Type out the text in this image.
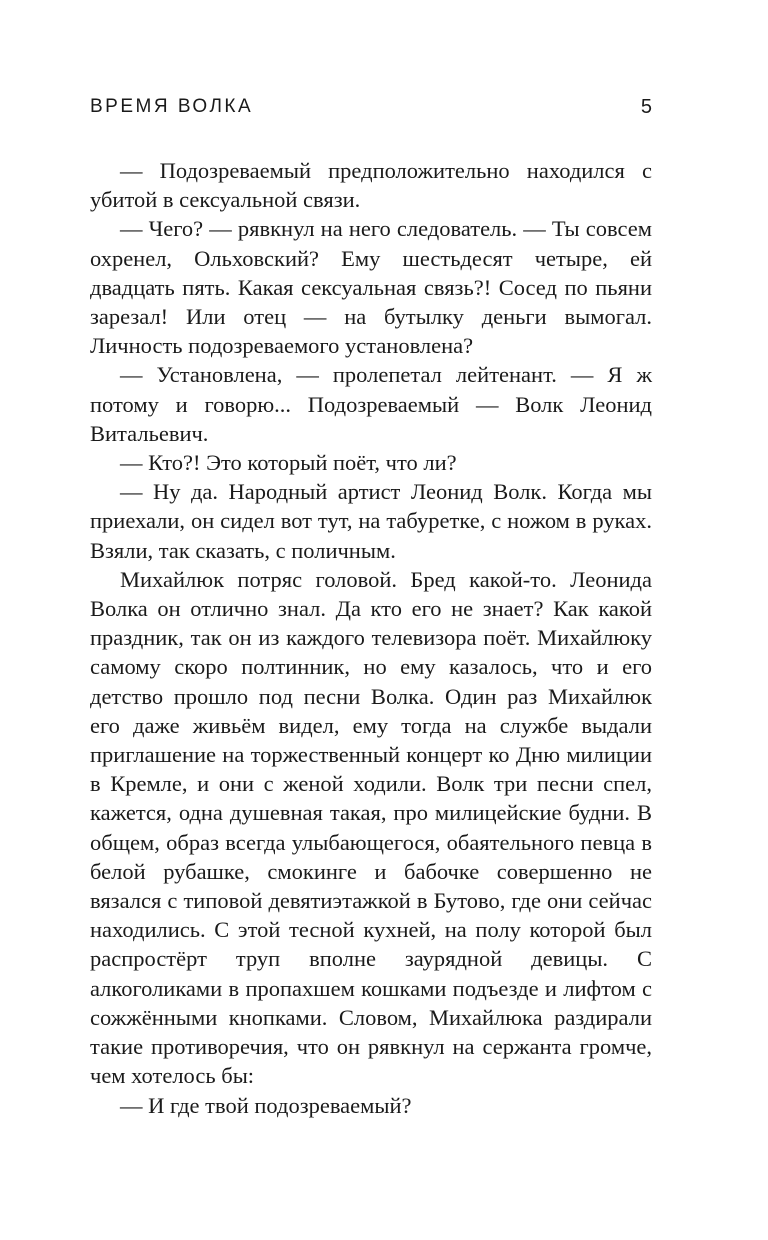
ВРЕМЯ ВОЛКА	5

— Подозреваемый предположительно находился с убитой в сексуальной связи.

— Чего? — рявкнул на него следователь. — Ты совсем охренел, Ольховский? Ему шестьдесят четыре, ей двадцать пять. Какая сексуальная связь?! Сосед по пьяни зарезал! Или отец — на бутылку деньги вымогал. Личность подозреваемого установлена?

— Установлена, — пролепетал лейтенант. — Я ж потому и говорю... Подозреваемый — Волк Леонид Витальевич.

— Кто?! Это который поёт, что ли?

— Ну да. Народный артист Леонид Волк. Когда мы приехали, он сидел вот тут, на табуретке, с ножом в руках. Взяли, так сказать, с поличным.

Михайлюк потряс головой. Бред какой-то. Леонида Волка он отлично знал. Да кто его не знает? Как какой праздник, так он из каждого телевизора поёт. Михайлюку самому скоро полтинник, но ему казалось, что и его детство прошло под песни Волка. Один раз Михайлюк его даже живьём видел, ему тогда на службе выдали приглашение на торжественный концерт ко Дню милиции в Кремле, и они с женой ходили. Волк три песни спел, кажется, одна душевная такая, про милицейские будни. В общем, образ всегда улыбающегося, обаятельного певца в белой рубашке, смокинге и бабочке совершенно не вязался с типовой девятиэтажкой в Бутово, где они сейчас находились. С этой тесной кухней, на полу которой был распростёрт труп вполне заурядной девицы. С алкоголиками в пропахшем кошками подъезде и лифтом с сожжёнными кнопками. Словом, Михайлюка раздирали такие противоречия, что он рявкнул на сержанта громче, чем хотелось бы:

— И где твой подозреваемый?
